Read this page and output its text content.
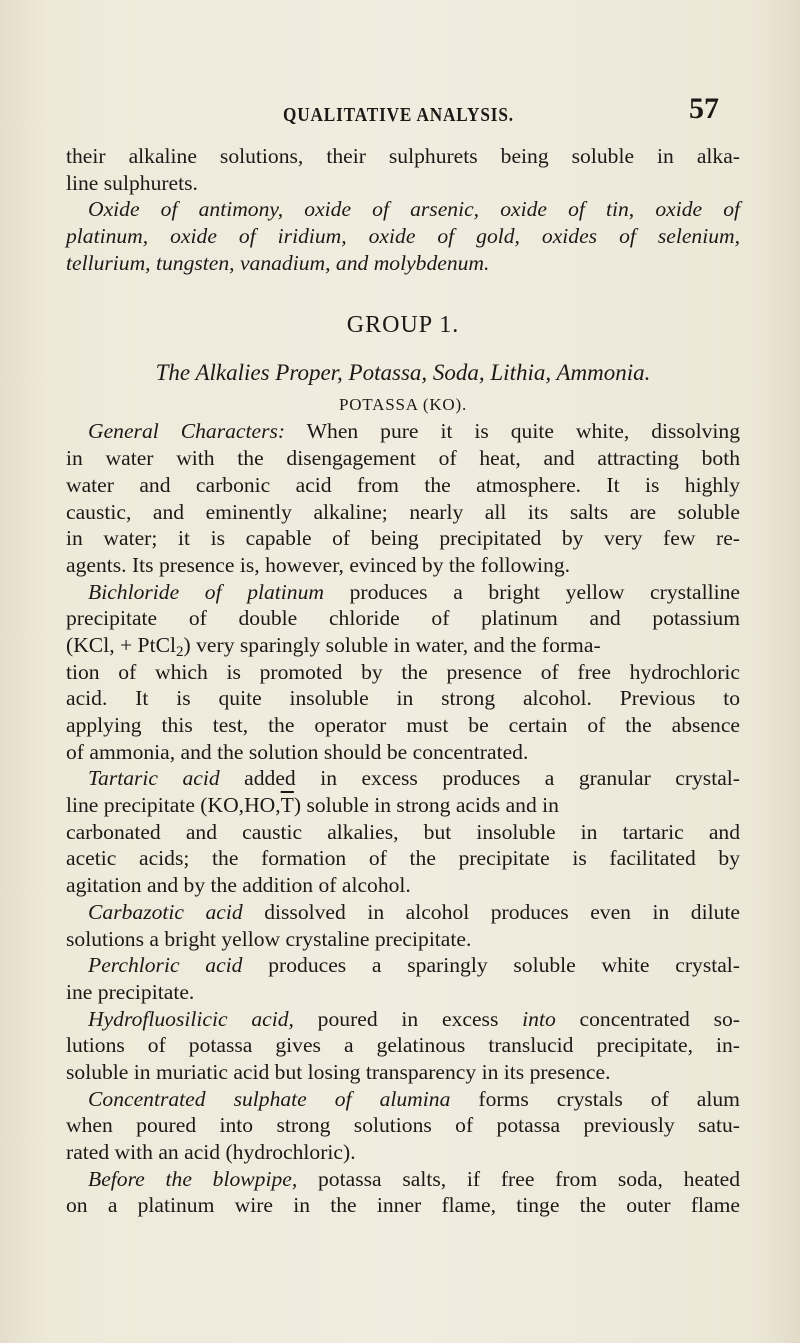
QUALITATIVE ANALYSIS.	57
their alkaline solutions, their sulphurets being soluble in alka-
line sulphurets.
Oxide of antimony, oxide of arsenic, oxide of tin, oxide of
platinum, oxide of iridium, oxide of gold, oxides of selenium,
tellurium, tungsten, vanadium, and molybdenum.
GROUP 1.
The Alkalies Proper, Potassa, Soda, Lithia, Ammonia.
POTASSA (KO).
General Characters: When pure it is quite white, dissolving
in water with the disengagement of heat, and attracting both
water and carbonic acid from the atmosphere. It is highly
caustic, and eminently alkaline; nearly all its salts are soluble
in water; it is capable of being precipitated by very few re-
agents. Its presence is, however, evinced by the following.
Bichloride of platinum produces a bright yellow crystalline
precipitate of double chloride of platinum and potassium
(KCl, + PtCl$_2$) very sparingly soluble in water, and the forma-
tion of which is promoted by the presence of free hydrochloric
acid. It is quite insoluble in strong alcohol. Previous to
applying this test, the operator must be certain of the absence
of ammonia, and the solution should be concentrated.
Tartaric acid added in excess produces a granular crystal-
line precipitate $(KO,HO,\overline{T})$ soluble in strong acids and in
carbonated and caustic alkalies, but insoluble in tartaric and
acetic acids; the formation of the precipitate is facilitated by
agitation and by the addition of alcohol.
Carbazotic acid dissolved in alcohol produces even in dilute
solutions a bright yellow crystaline precipitate.
Perchloric acid produces a sparingly soluble white crystal-
ine precipitate.
Hydrofluosilicic acid, poured in excess into concentrated so-
lutions of potassa gives a gelatinous translucid precipitate, in-
soluble in muriatic acid but losing transparency in its presence.
Concentrated sulphate of alumina forms crystals of alum
when poured into strong solutions of potassa previously satu-
rated with an acid (hydrochloric).
Before the blowpipe, potassa salts, if free from soda, heated
on a platinum wire in the inner flame, tinge the outer flame
